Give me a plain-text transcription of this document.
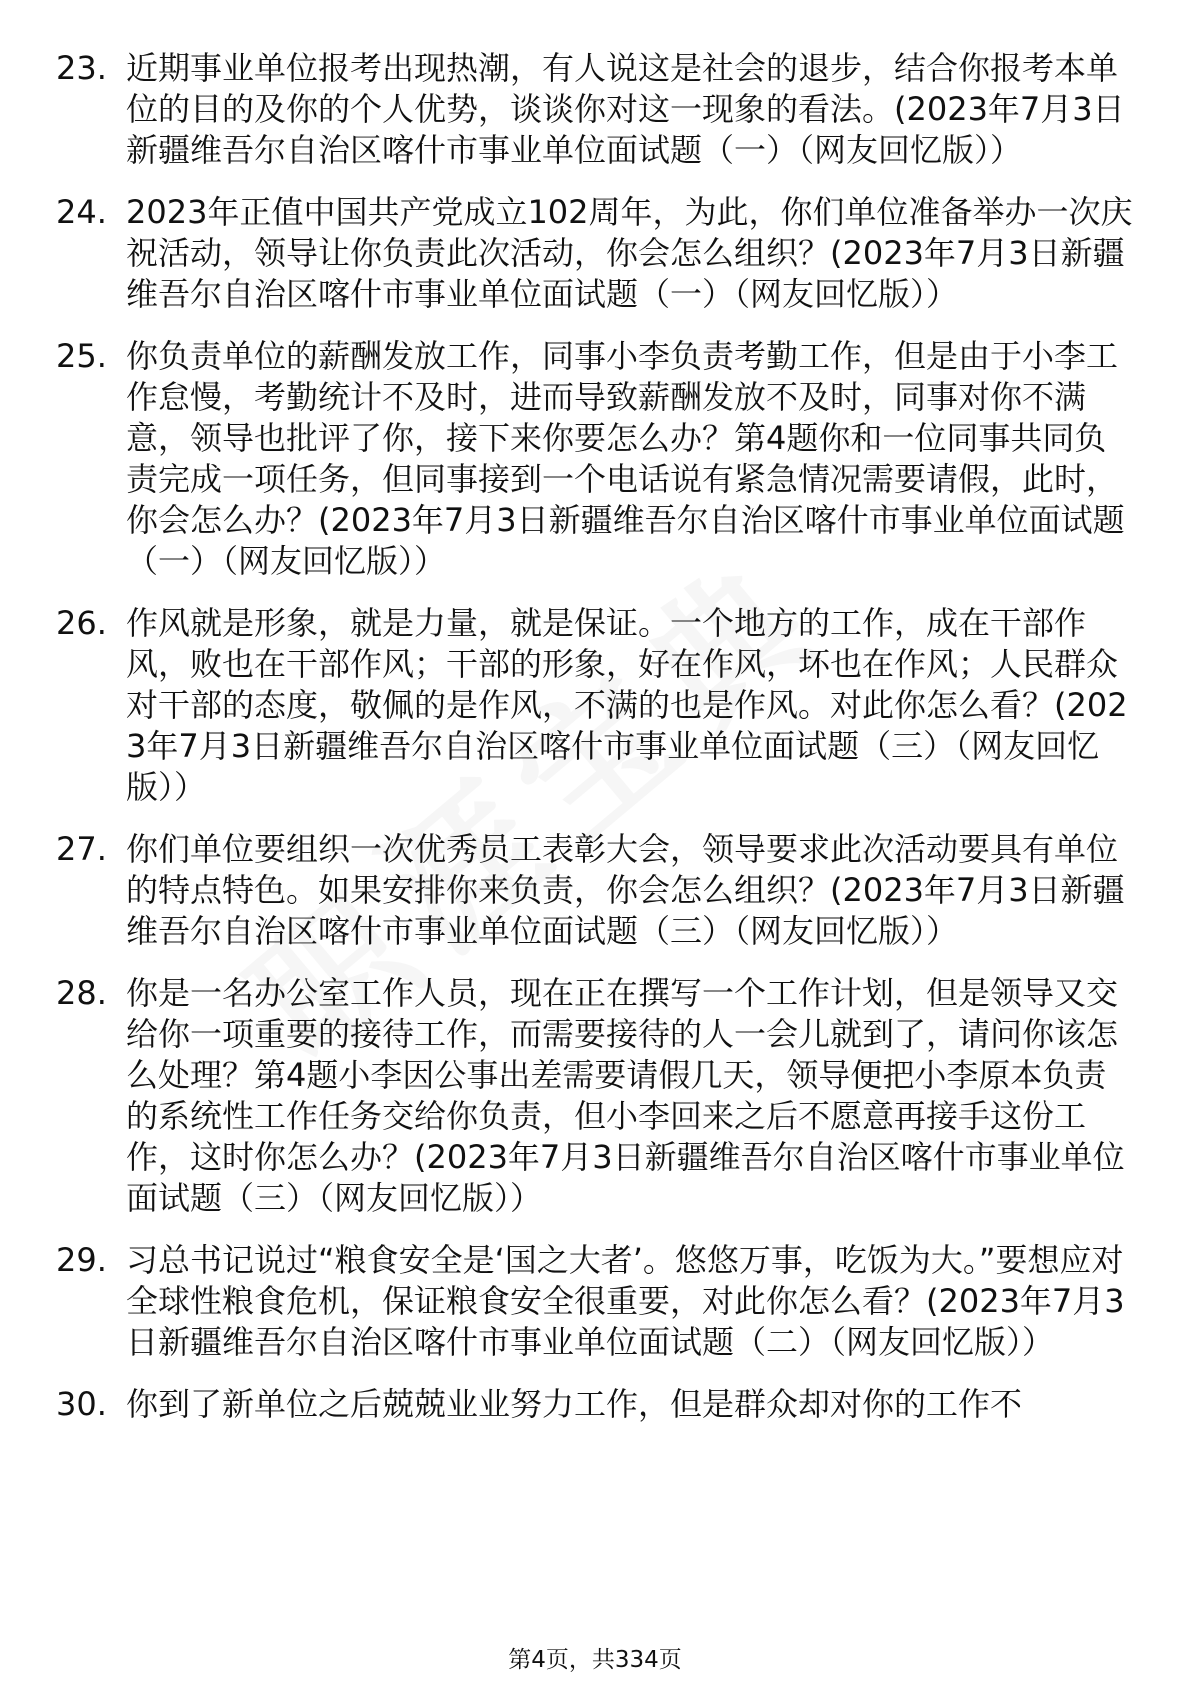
23. 近期事业单位报考出现热潮，有人说这是社会的退步，结合你报考本单位的目的及你的个人优势，谈谈你对这一现象的看法。(2023年7月3日新疆维吾尔自治区喀什市事业单位面试题（一）（网友回忆版））
24. 2023年正值中国共产党成立102周年，为此，你们单位准备举办一次庆祝活动，领导让你负责此次活动，你会怎么组织？(2023年7月3日新疆维吾尔自治区喀什市事业单位面试题（一）（网友回忆版））
25. 你负责单位的薪酬发放工作，同事小李负责考勤工作，但是由于小李工作怠慢，考勤统计不及时，进而导致薪酬发放不及时，同事对你不满意，领导也批评了你，接下来你要怎么办？第4题你和一位同事共同负责完成一项任务，但同事接到一个电话说有紧急情况需要请假，此时，你会怎么办？(2023年7月3日新疆维吾尔自治区喀什市事业单位面试题（一）（网友回忆版））
26. 作风就是形象，就是力量，就是保证。一个地方的工作，成在干部作风，败也在干部作风；干部的形象，好在作风，坏也在作风；人民群众对干部的态度，敬佩的是作风，不满的也是作风。对此你怎么看？(2023年7月3日新疆维吾尔自治区喀什市事业单位面试题（三）（网友回忆版））
27. 你们单位要组织一次优秀员工表彰大会，领导要求此次活动要具有单位的特点特色。如果安排你来负责，你会怎么组织？(2023年7月3日新疆维吾尔自治区喀什市事业单位面试题（三）（网友回忆版））
28. 你是一名办公室工作人员，现在正在撰写一个工作计划，但是领导又交给你一项重要的接待工作，而需要接待的人一会儿就到了，请问你该怎么处理？第4题小李因公事出差需要请假几天，领导便把小李原本负责的系统性工作任务交给你负责，但小李回来之后不愿意再接手这份工作，这时你怎么办？(2023年7月3日新疆维吾尔自治区喀什市事业单位面试题（三）（网友回忆版））
29. 习总书记说过“粮食安全是‘国之大者’。悠悠万事，吃饭为大。”要想应对全球性粮食危机，保证粮食安全很重要，对此你怎么看？(2023年7月3日新疆维吾尔自治区喀什市事业单位面试题（二）（网友回忆版））
30. 你到了新单位之后兢兢业业努力工作，但是群众却对你的工作不
第4页，共334页
